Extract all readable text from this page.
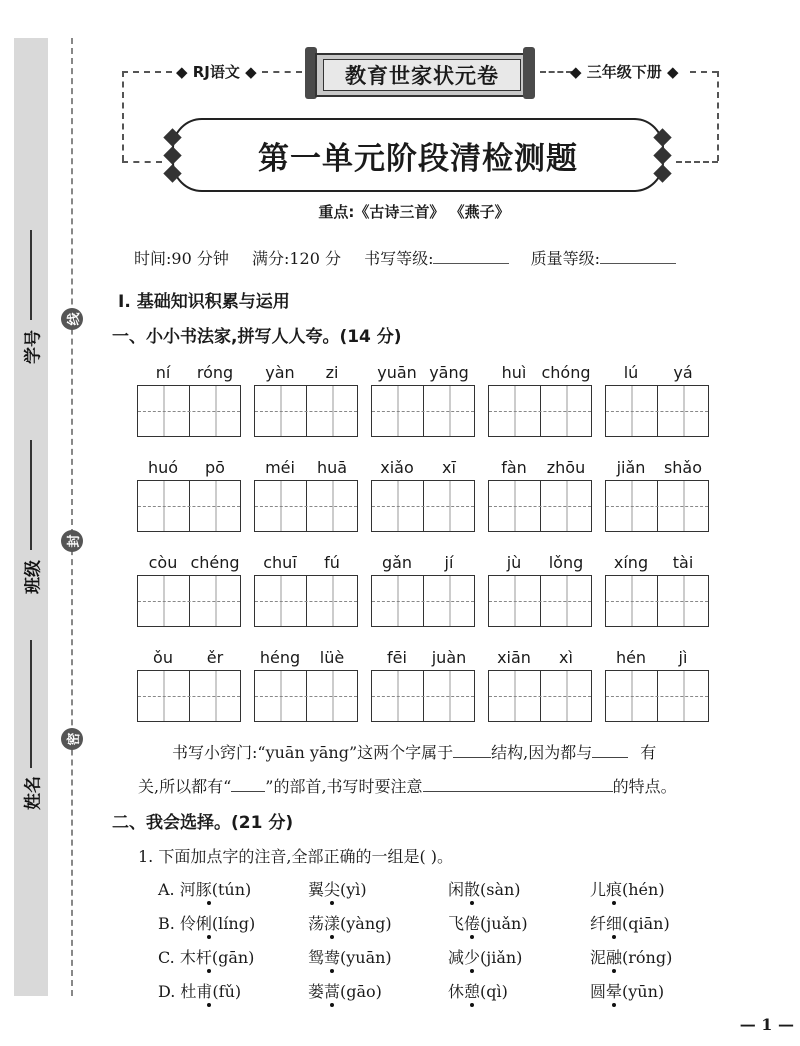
学号
班级
姓名
线
封
密
◆ RJ语文 ◆	教育世家状元卷	◆ 三年级下册 ◆
第一单元阶段清检测题
重点:《古诗三首》 《燕子》
时间:90 分钟 满分:120 分 书写等级:	质量等级:
Ⅰ. 基础知识积累与运用
一、小小书法家,拼写人人夸。(14 分)
ní	róng	yàn	zi	yuān yāng	huì chóng	lú	yá
huó	pō	méi	huā	xiǎo	xī	fàn	zhōu	jiǎn	shǎo
còu chéng	chuī	fú	gǎn	jí	jù	lǒng	xíng	tài
ǒu	ěr	héng	lüè	fēi	juàn	xiān	xì	hén	jì
书写小窍门:“yuān yāng”这两个字属于 结构,因为都与	有
关,所以都有“ ”的部首,书写时要注意	的特点。
二、我会选择。(21 分)
1. 下面加点字的注音,全部正确的一组是( )。
A. 河豚(tún)	翼尖(yì)	闲散(sàn)	儿痕(hén)
B. 伶俐(líng)	荡漾(yàng)	飞倦(juǎn)	纤细(qiān)
C. 木杆(gān)	鸳鸯(yuān)	减少(jiǎn)	泥融(róng)
D. 杜甫(fǔ)	蒌蒿(gāo)	休憩(qì)	圆晕(yūn)
— 1 —
